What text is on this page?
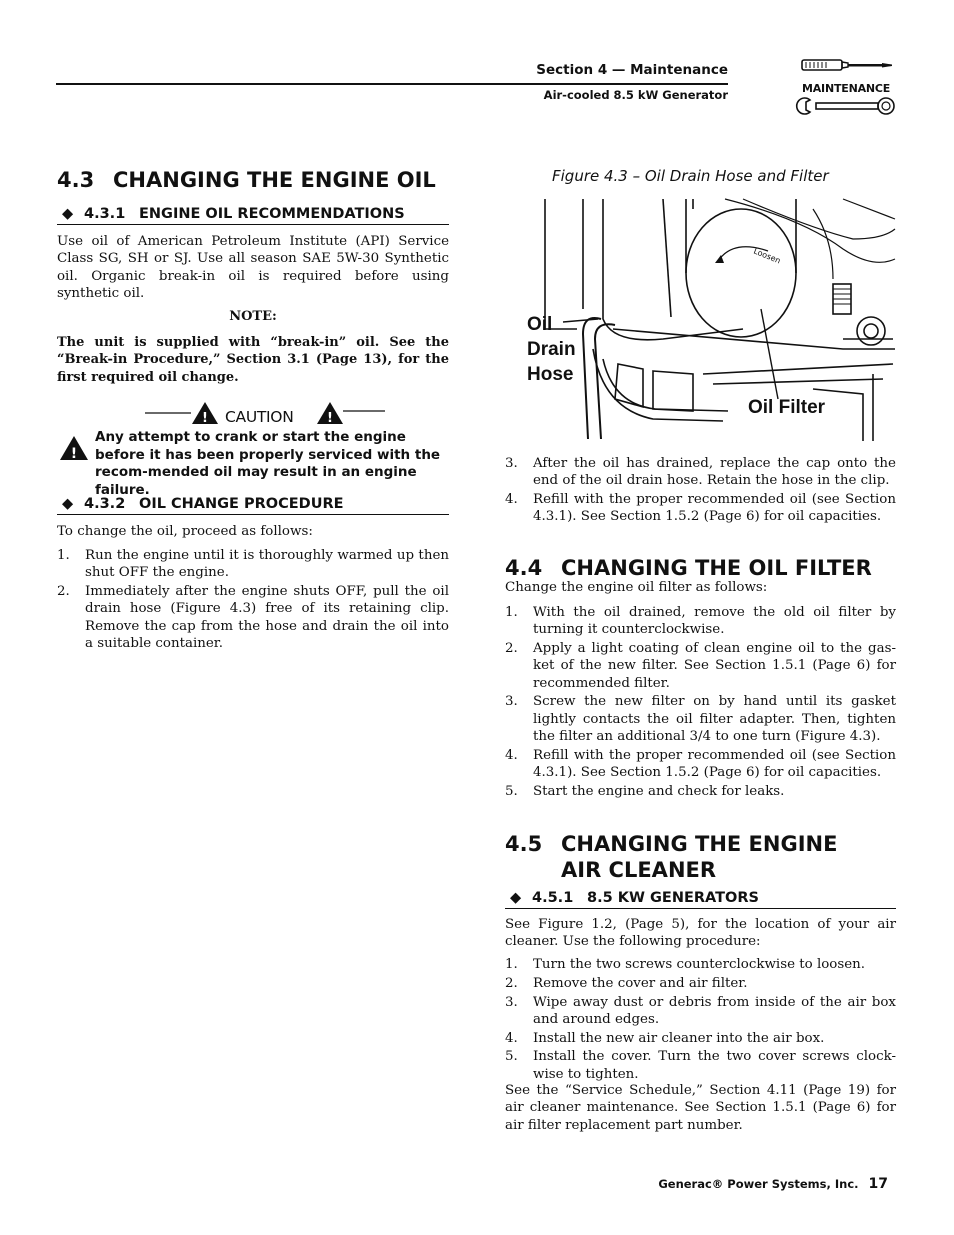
Section 4 — Maintenance
Air-cooled 8.5 kW Generator	MAINTENANCE
4.3 CHANGING THE ENGINE OIL
◆ 4.3.1 ENGINE OIL RECOMMENDATIONS

Use oil of American Petroleum Institute (API) Service Class SG, SH or SJ. Use all season SAE 5W-30 Synthetic oil. Organic break-in oil is required before using synthetic oil.

NOTE:

The unit is supplied with “break-in” oil. See the “Break-in Procedure,” Section 3.1 (Page 13), for the first required oil change.

!	!
CAUTION
!
Any attempt to crank or start the engine before it has been properly serviced with the recom-mended oil may result in an engine failure.
◆ 4.3.2 OIL CHANGE PROCEDURE

To change the oil, proceed as follows:

1. Run the engine until it is thoroughly warmed up then shut OFF the engine.
2. Immediately after the engine shuts OFF, pull the oil drain hose (Figure 4.3) free of its retaining clip. Remove the cap from the hose and drain the oil into a suitable container.
Figure 4.3 – Oil Drain Hose and Filter
Loosen
Oil
Drain
Hose
Oil Filter
3. After the oil has drained, replace the cap onto the end of the oil drain hose. Retain the hose in the clip.
4. Refill with the proper recommended oil (see Section 4.3.1). See Section 1.5.2 (Page 6) for oil capacities.
4.4 CHANGING THE OIL FILTER

Change the engine oil filter as follows:

1. With the oil drained, remove the old oil filter by turning it counterclockwise.
2. Apply a light coating of clean engine oil to the gas-ket of the new filter. See Section 1.5.1 (Page 6) for recommended filter.
3. Screw the new filter on by hand until its gasket lightly contacts the oil filter adapter. Then, tighten the filter an additional 3/4 to one turn (Figure 4.3).
4. Refill with the proper recommended oil (see Section 4.3.1). See Section 1.5.2 (Page 6) for oil capacities.
5. Start the engine and check for leaks.
4.5 CHANGING THE ENGINE
AIR CLEANER
◆ 4.5.1 8.5 KW GENERATORS

See Figure 1.2, (Page 5), for the location of your air cleaner. Use the following procedure:

1. Turn the two screws counterclockwise to loosen.
2. Remove the cover and air filter.
3. Wipe away dust or debris from inside of the air box and around edges.
4. Install the new air cleaner into the air box.
5. Install the cover. Turn the two cover screws clock-wise to tighten.

See the “Service Schedule,” Section 4.11 (Page 19) for air cleaner maintenance. See Section 1.5.1 (Page 6) for air filter replacement part number.

Generac® Power Systems, Inc. 17
